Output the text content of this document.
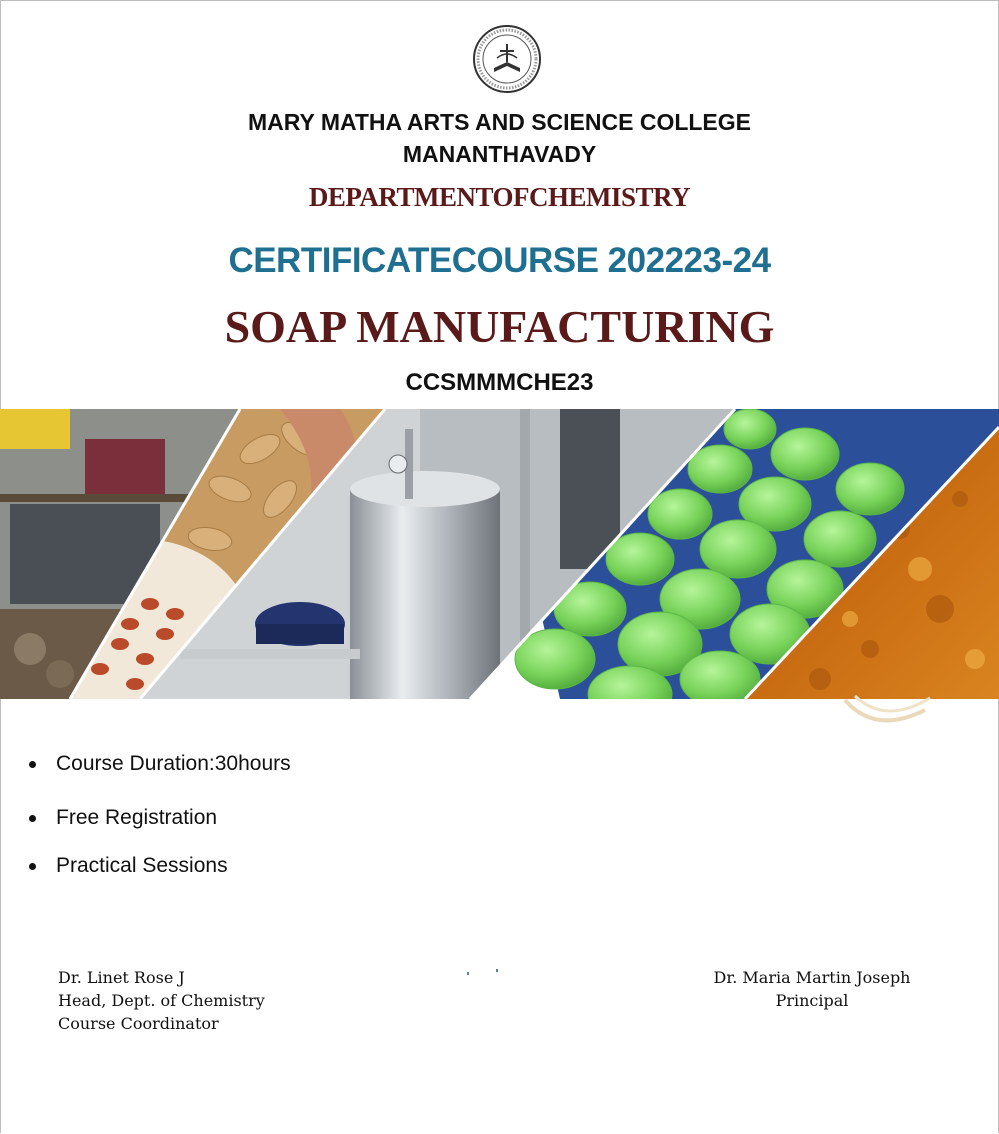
MARY MATHA ARTS AND SCIENCE COLLEGE
MANANTHAVADY
DEPARTMENTOFCHEMISTRY
CERTIFICATECOURSE 202223-24
SOAP MANUFACTURING
CCSMMMCHE23
Course Duration:30hours
Free Registration
Practical Sessions
Dr. Linet Rose J
Head, Dept. of Chemistry
Course Coordinator
Dr. Maria Martin Joseph
Principal
